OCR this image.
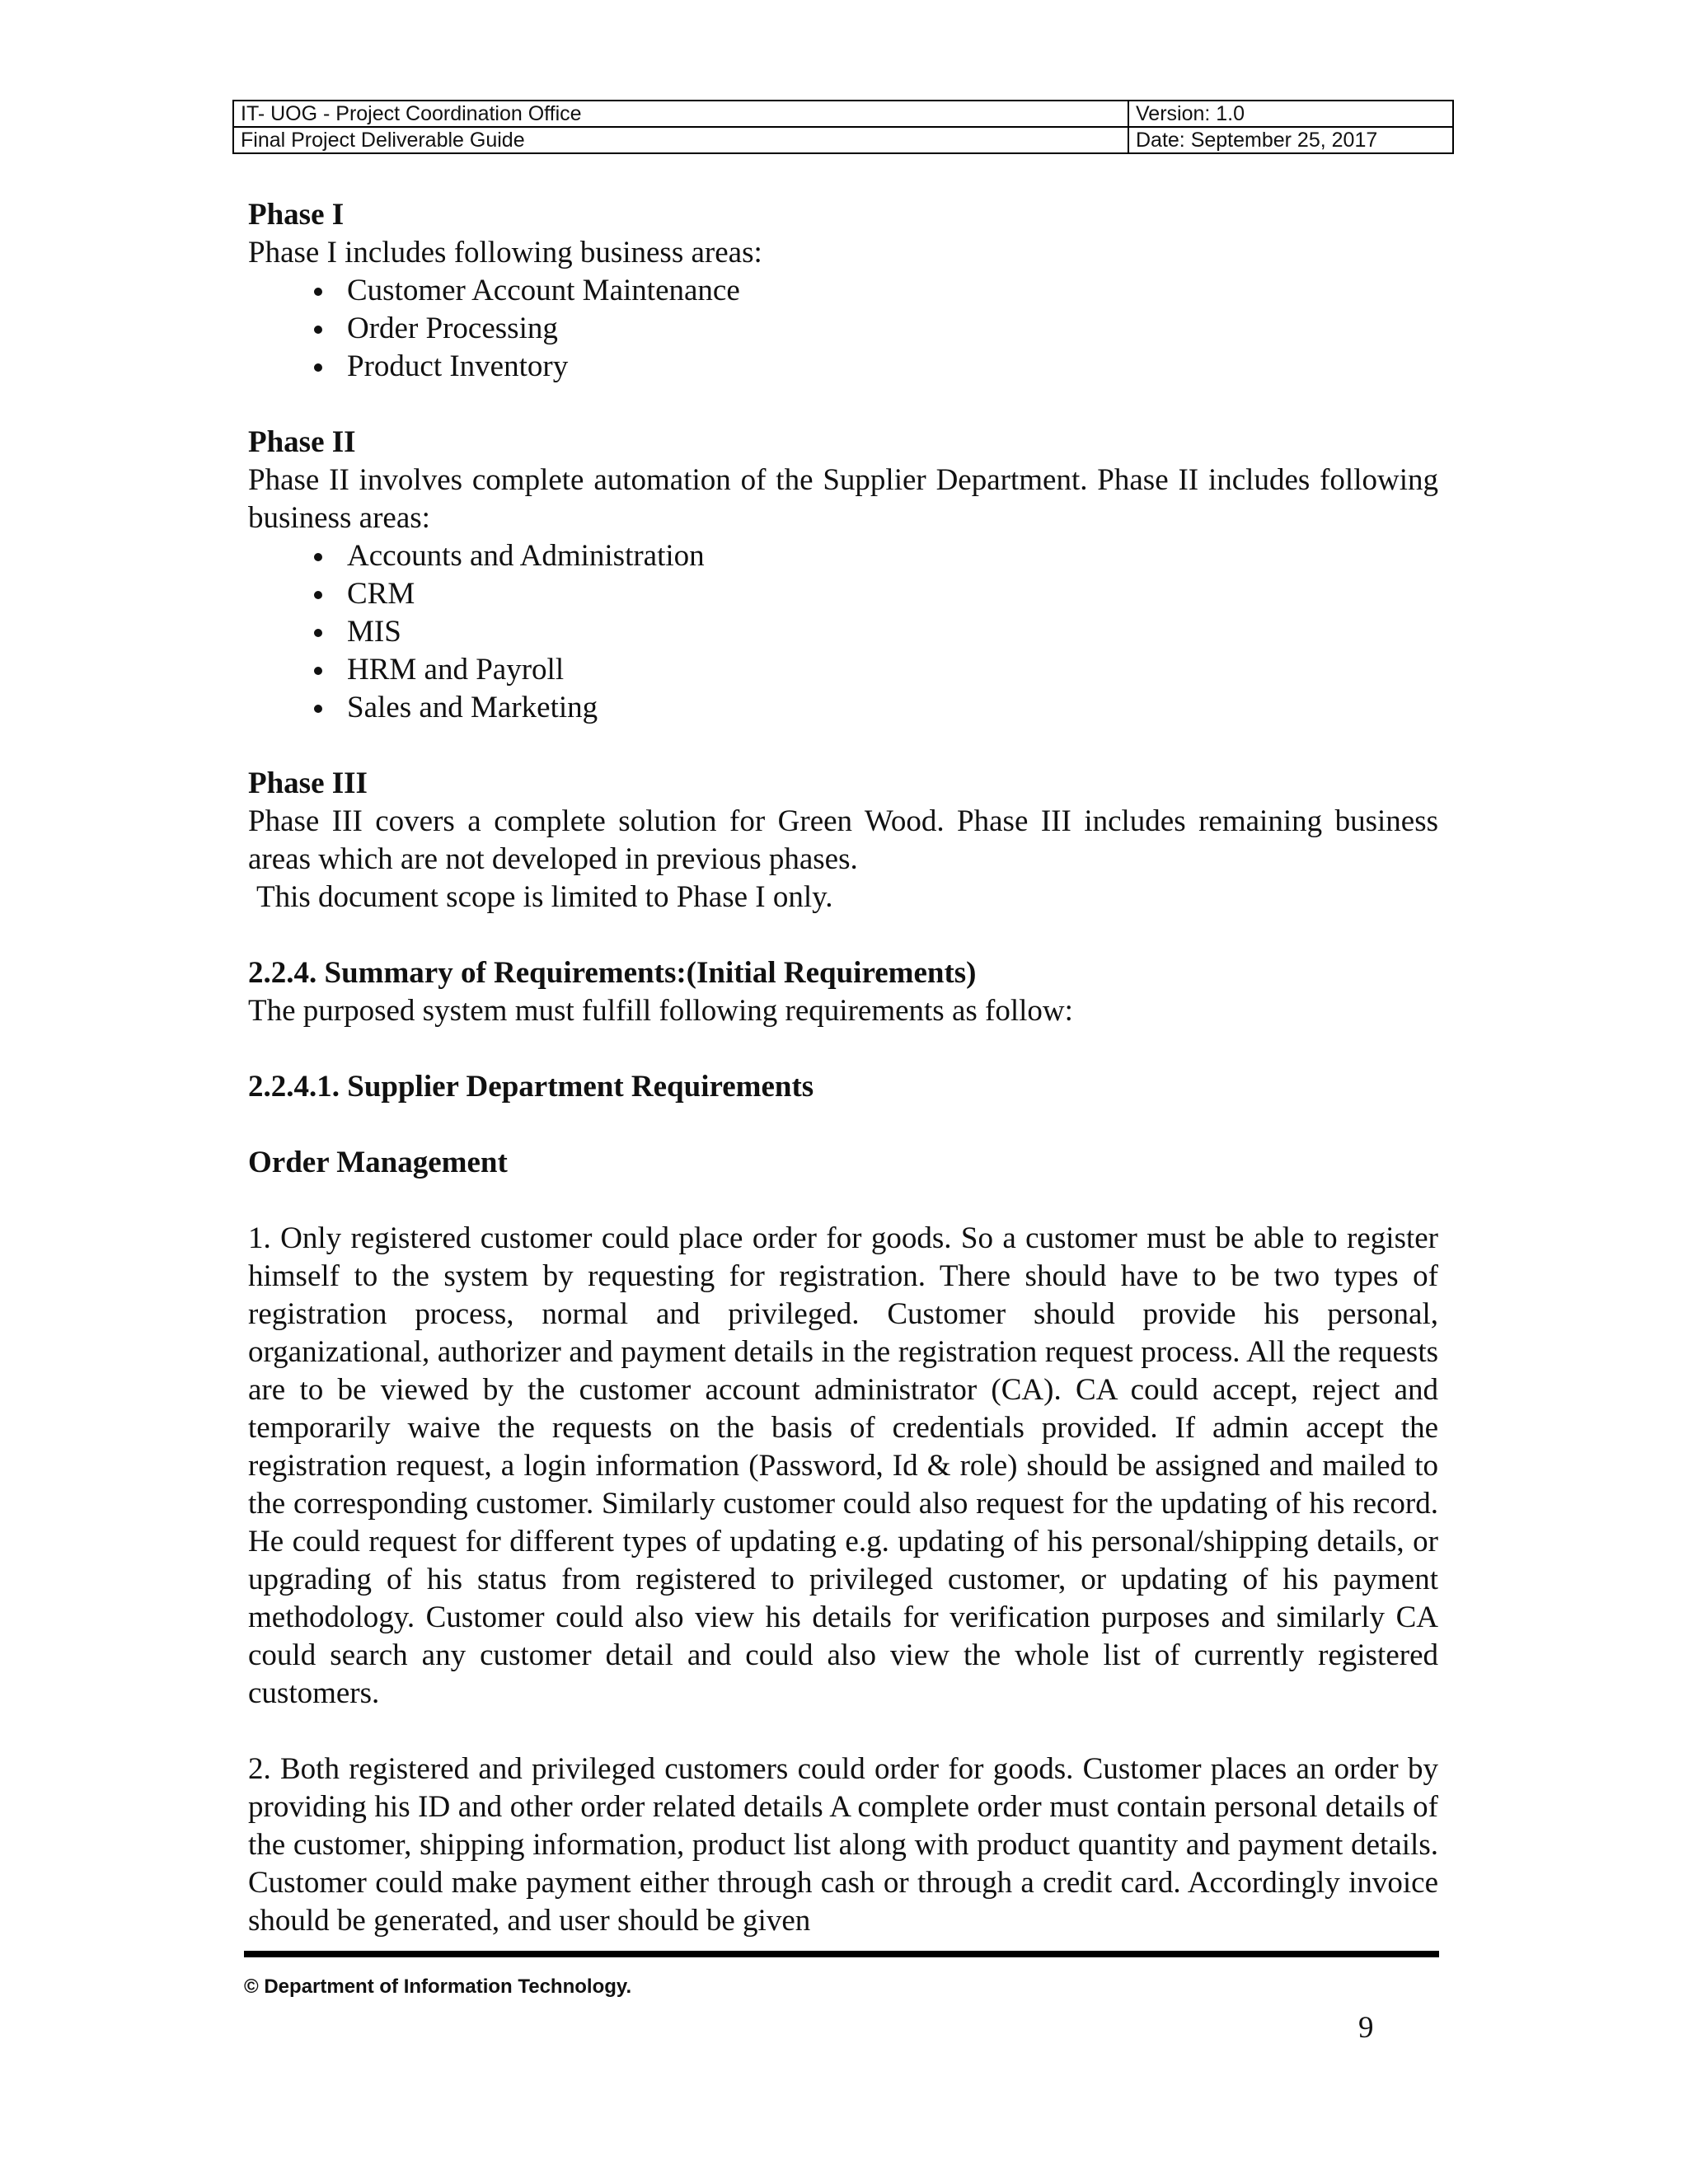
IT- UOG - Project Coordination Office	Version: 1.0
Final Project Deliverable Guide	Date: September 25, 2017

Phase I

Phase I includes following business areas:

Customer Account Maintenance
Order Processing
Product Inventory

Phase II

Phase II involves complete automation of the Supplier Department. Phase II includes following business areas:

Accounts and Administration
CRM
MIS
HRM and Payroll
Sales and Marketing

Phase III

Phase III covers a complete solution for Green Wood. Phase III includes remaining business areas which are not developed in previous phases.

This document scope is limited to Phase I only.

2.2.4. Summary of Requirements:(Initial Requirements)

The purposed system must fulfill following requirements as follow:

2.2.4.1. Supplier Department Requirements

Order Management

1. Only registered customer could place order for goods. So a customer must be able to register himself to the system by requesting for registration. There should have to be two types of registration process, normal and privileged. Customer should provide his personal, organizational, authorizer and payment details in the registration request process. All the requests are to be viewed by the customer account administrator (CA). CA could accept, reject and temporarily waive the requests on the basis of credentials provided. If admin accept the registration request, a login information (Password, Id & role) should be assigned and mailed to the corresponding customer. Similarly customer could also request for the updating of his record. He could request for different types of updating e.g. updating of his personal/shipping details, or upgrading of his status from registered to privileged customer, or updating of his payment methodology. Customer could also view his details for verification purposes and similarly CA could search any customer detail and could also view the whole list of currently registered customers.

2. Both registered and privileged customers could order for goods. Customer places an order by providing his ID and other order related details A complete order must contain personal details of the customer, shipping information, product list along with product quantity and payment details. Customer could make payment either through cash or through a credit card. Accordingly invoice should be generated, and user should be given

© Department of Information Technology.
9
